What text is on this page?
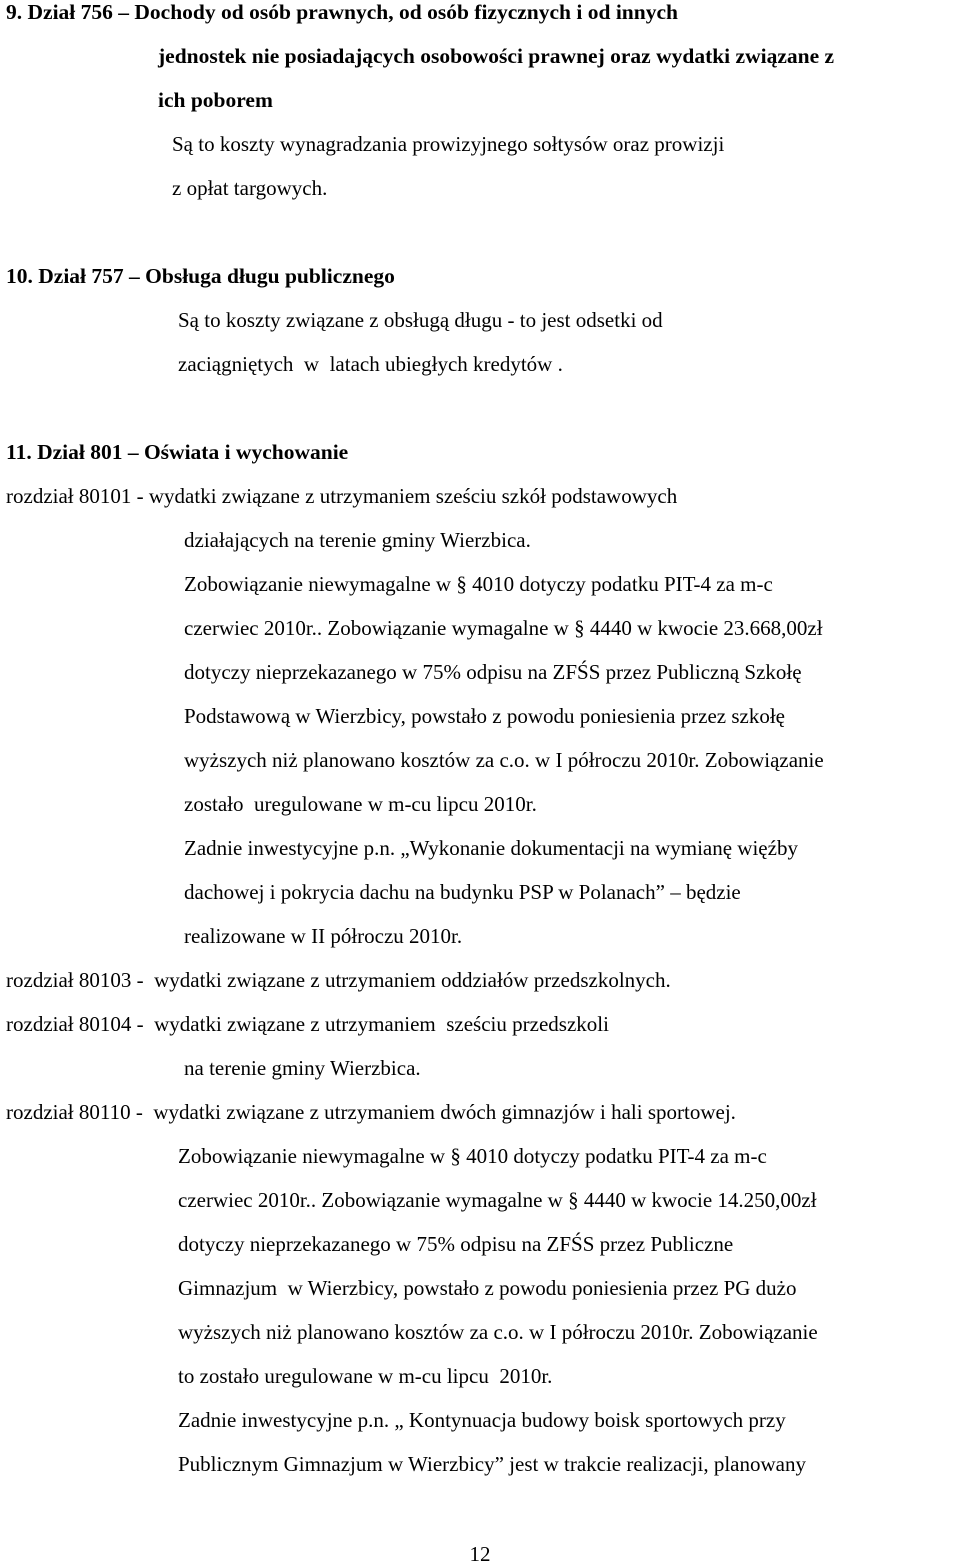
9. Dział 756 – Dochody od osób prawnych, od osób fizycznych i od innych
jednostek nie posiadających osobowości prawnej oraz wydatki związane z
ich poborem
Są to koszty wynagradzania prowizyjnego sołtysów oraz prowizji
z opłat targowych.
10. Dział 757 – Obsługa długu publicznego
Są to koszty związane z obsługą długu - to jest odsetki od
zaciągniętych  w  latach ubiegłych kredytów .
11. Dział 801 – Oświata i wychowanie
rozdział 80101 - wydatki związane z utrzymaniem sześciu szkół podstawowych
działających na terenie gminy Wierzbica.
Zobowiązanie niewymagalne w § 4010 dotyczy podatku PIT-4 za m-c
czerwiec 2010r.. Zobowiązanie wymagalne w § 4440 w kwocie 23.668,00zł
dotyczy nieprzekazanego w 75% odpisu na ZFŚS przez Publiczną Szkołę
Podstawową w Wierzbicy, powstało z powodu poniesienia przez szkołę
wyższych niż planowano kosztów za c.o. w I półroczu 2010r. Zobowiązanie
zostało  uregulowane w m-cu lipcu 2010r.
Zadnie inwestycyjne p.n. „Wykonanie dokumentacji na wymianę więźby
dachowej i pokrycia dachu na budynku PSP w Polanach” – będzie
realizowane w II półroczu 2010r.
rozdział 80103 -  wydatki związane z utrzymaniem oddziałów przedszkolnych.
rozdział 80104 -  wydatki związane z utrzymaniem  sześciu przedszkoli
na terenie gminy Wierzbica.
rozdział 80110 -  wydatki związane z utrzymaniem dwóch gimnazjów i hali sportowej.
Zobowiązanie niewymagalne w § 4010 dotyczy podatku PIT-4 za m-c
czerwiec 2010r.. Zobowiązanie wymagalne w § 4440 w kwocie 14.250,00zł
dotyczy nieprzekazanego w 75% odpisu na ZFŚS przez Publiczne
Gimnazjum  w Wierzbicy, powstało z powodu poniesienia przez PG dużo
wyższych niż planowano kosztów za c.o. w I półroczu 2010r. Zobowiązanie
to zostało uregulowane w m-cu lipcu  2010r.
Zadnie inwestycyjne p.n. „ Kontynuacja budowy boisk sportowych przy
Publicznym Gimnazjum w Wierzbicy” jest w trakcie realizacji, planowany
12
